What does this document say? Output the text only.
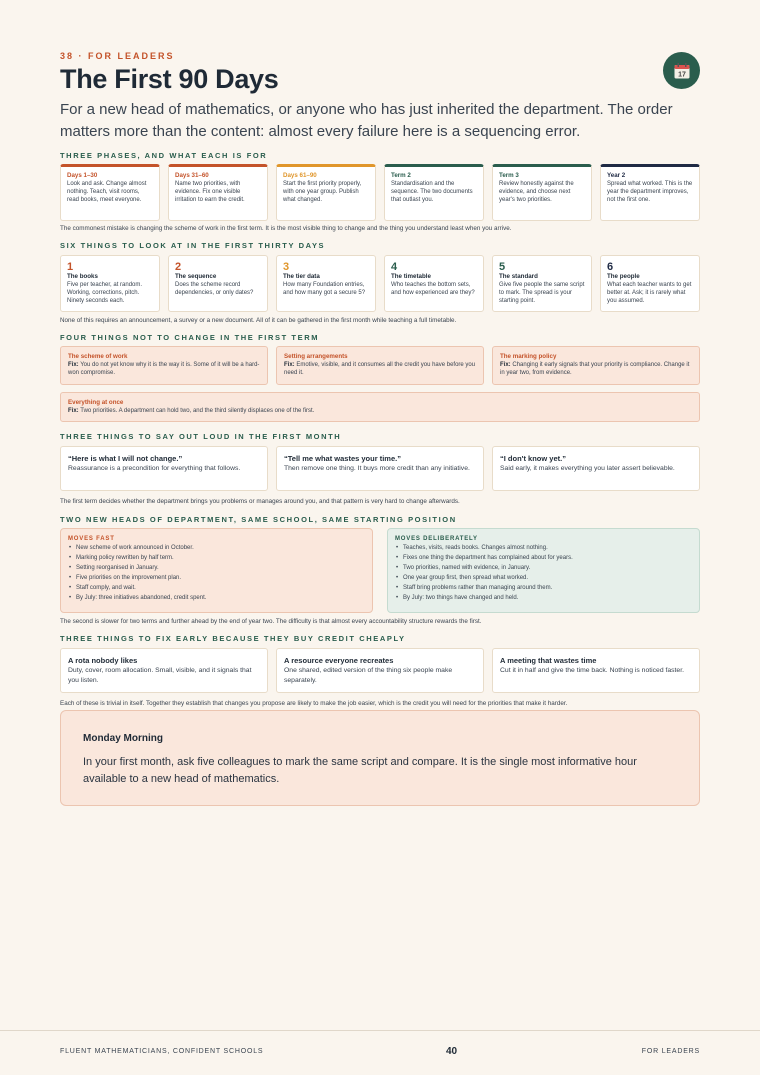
38 · FOR LEADERS
The First 90 Days	17
For a new head of mathematics, or anyone who has just inherited the department. The order matters more than the content: almost every failure here is a sequencing error.
THREE PHASES, AND WHAT EACH IS FOR
Days 1–30
Look and ask. Change almost nothing. Teach, visit rooms, read books, meet everyone.
Days 31–60
Name two priorities, with evidence. Fix one visible irritation to earn the credit.
Days 61–90
Start the first priority properly, with one year group. Publish what changed.
Term 2
Standardisation and the sequence. The two documents that outlast you.
Term 3
Review honestly against the evidence, and choose next year's two priorities.
Year 2
Spread what worked. This is the year the department improves, not the first one.
The commonest mistake is changing the scheme of work in the first term. It is the most visible thing to change and the thing you understand least when you arrive.
SIX THINGS TO LOOK AT IN THE FIRST THIRTY DAYS
1
The books
Five per teacher, at random. Working, corrections, pitch. Ninety seconds each.
2
The sequence
Does the scheme record dependencies, or only dates?
3
The tier data
How many Foundation entries, and how many got a secure 5?
4
The timetable
Who teaches the bottom sets, and how experienced are they?
5
The standard
Give five people the same script to mark. The spread is your starting point.
6
The people
What each teacher wants to get better at. Ask; it is rarely what you assumed.
None of this requires an announcement, a survey or a new document. All of it can be gathered in the first month while teaching a full timetable.
FOUR THINGS NOT TO CHANGE IN THE FIRST TERM
The scheme of work
Fix: You do not yet know why it is the way it is. Some of it will be a hard-won compromise.
Setting arrangements
Fix: Emotive, visible, and it consumes all the credit you have before you need it.
The marking policy
Fix: Changing it early signals that your priority is compliance. Change it in year two, from evidence.
Everything at once
Fix: Two priorities. A department can hold two, and the third silently displaces one of the first.
THREE THINGS TO SAY OUT LOUD IN THE FIRST MONTH
“Here is what I will not change.”
Reassurance is a precondition for everything that follows.
“Tell me what wastes your time.”
Then remove one thing. It buys more credit than any initiative.
“I don't know yet.”
Said early, it makes everything you later assert believable.
The first term decides whether the department brings you problems or manages around you, and that pattern is very hard to change afterwards.
TWO NEW HEADS OF DEPARTMENT, SAME SCHOOL, SAME STARTING POSITION
MOVES FAST
• New scheme of work announced in October.
• Marking policy rewritten by half term.
• Setting reorganised in January.
• Five priorities on the improvement plan.
• Staff comply, and wait.
• By July: three initiatives abandoned, credit spent.
MOVES DELIBERATELY
• Teaches, visits, reads books. Changes almost nothing.
• Fixes one thing the department has complained about for years.
• Two priorities, named with evidence, in January.
• One year group first, then spread what worked.
• Staff bring problems rather than managing around them.
• By July: two things have changed and held.
The second is slower for two terms and further ahead by the end of year two. The difficulty is that almost every accountability structure rewards the first.
THREE THINGS TO FIX EARLY BECAUSE THEY BUY CREDIT CHEAPLY
A rota nobody likes
Duty, cover, room allocation. Small, visible, and it signals that you listen.
A resource everyone recreates
One shared, edited version of the thing six people make separately.
A meeting that wastes time
Cut it in half and give the time back. Nothing is noticed faster.
Each of these is trivial in itself. Together they establish that changes you propose are likely to make the job easier, which is the credit you will need for the priorities that make it harder.
Monday Morning
In your first month, ask five colleagues to mark the same script and compare. It is the single most informative hour available to a new head of mathematics.
FLUENT MATHEMATICIANS, CONFIDENT SCHOOLS	40	FOR LEADERS
